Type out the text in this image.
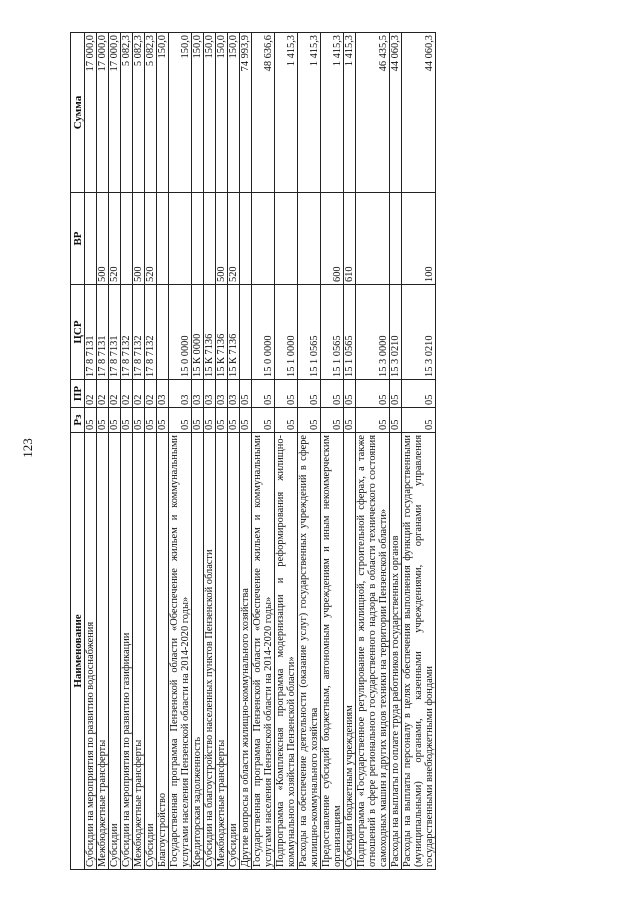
123
Наименование	Рз	ПР	ЦСР	ВР	Сумма
Субсидии на мероприятия по развитию водоснабжения	05	02	17 8 7131		17 000,0
Межбюджетные трансферты	05	02	17 8 7131	500	17 000,0
Субсидии	05	02	17 8 7131	520	17 000,0
Субсидии на мероприятия по развитию газификации	05	02	17 8 7132		5 082,3
Межбюджетные трансферты	05	02	17 8 7132	500	5 082,3
Субсидии	05	02	17 8 7132	520	5 082,3
Благоустройство	05	03			150,0
Государственная программа Пензенской области «Обеспечение жильем и коммунальными услугами населения Пензенской области на 2014-2020 годы»	05	03	15 0 0000		150,0
Кредиторская задолженность	05	03	15 К 0000		150,0
Субсидии на благоустройство населенных пунктов Пензенской области	05	03	15 К 7136		150,0
Межбюджетные трансферты	05	03	15 К 7136	500	150,0
Субсидии	05	03	15 К 7136	520	150,0
Другие вопросы в области жилищно-коммунального хозяйства	05	05			74 993,9
Государственная программа Пензенской области «Обеспечение жильем и коммунальными услугами населения Пензенской области на 2014-2020 годы»	05	05	15 0 0000		48 636,6
Подпрограмма «Комплексная программа модернизации и реформирования жилищно-коммунального хозяйства Пензенской области»	05	05	15 1 0000		1 415,3
Расходы на обеспечение деятельности (оказание услуг) государственных учреждений в сфере жилищно-коммунального хозяйства	05	05	15 1 0565		1 415,3
Предоставление субсидий бюджетным, автономным учреждениям и иным некоммерческим организациям	05	05	15 1 0565	600	1 415,3
Субсидии бюджетным учреждениям	05	05	15 1 0565	610	1 415,3
Подпрограмма «Государственное регулирование в жилищной, строительной сферах, а также отношений в сфере регионального государственного надзора в области технического состояния самоходных машин и других видов техники на территории Пензенской области»	05	05	15 3 0000		46 435,5
Расходы на выплаты по оплате труда работников государственных органов	05	05	15 3 0210		44 060,3
Расходы на выплаты персоналу в целях обеспечения выполнения функций государственными (муниципальными) органами, казенными учреждениями, органами управления государственными внебюджетными фондами	05	05	15 3 0210	100	44 060,3
